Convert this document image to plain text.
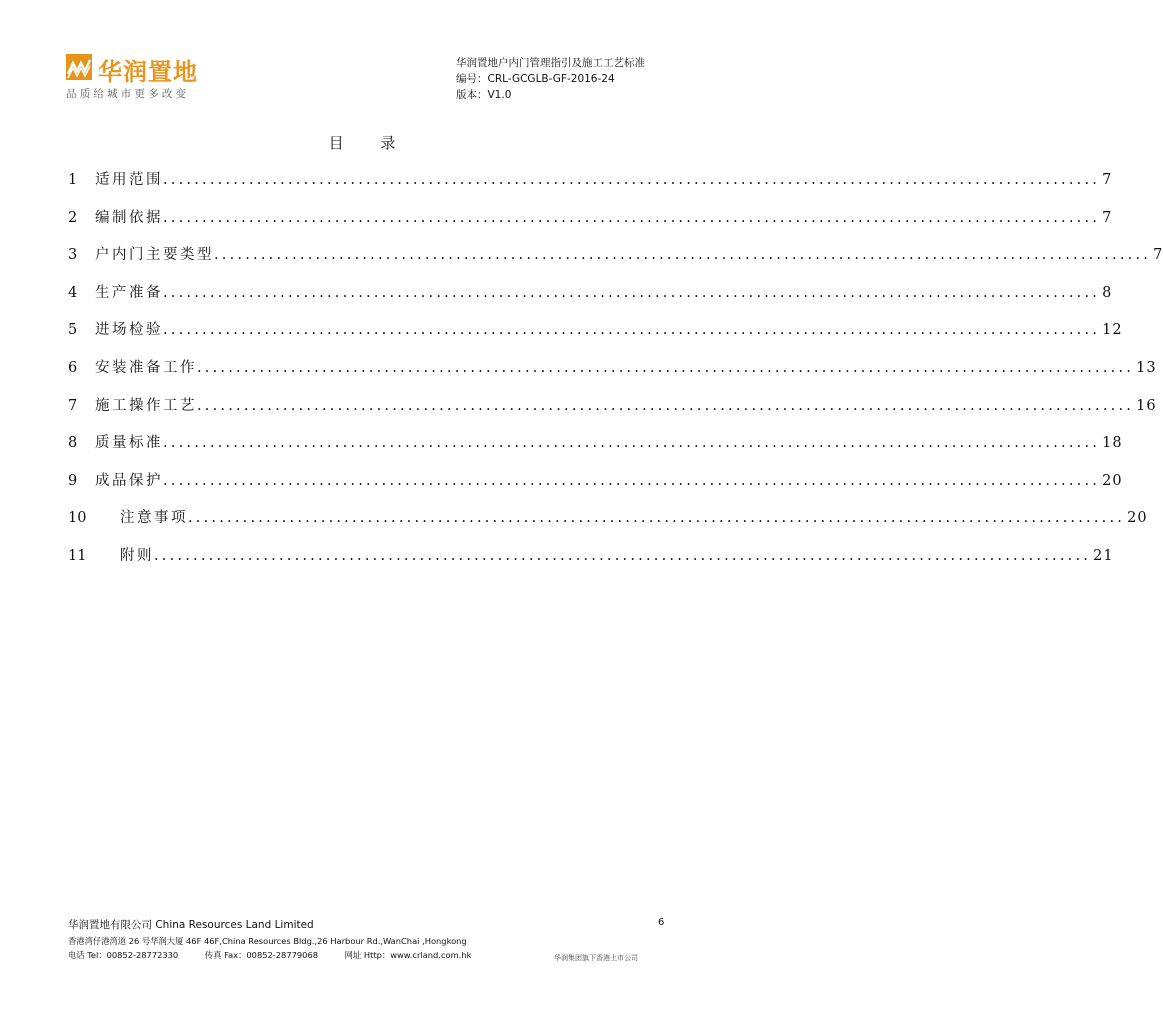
华润置地
品质给城市更多改变
华润置地户内门管理指引及施工工艺标准
编号：CRL-GCGLB-GF-2016-24
版本：V1.0
目 录
1	适用范围 ........................................................................................................................ 7
2	编制依据 ........................................................................................................................ 7
3	户内门主要类型 ........................................................................................................................ 7
4	生产准备 ........................................................................................................................ 8
5	进场检验 ........................................................................................................................ 12
6	安装准备工作 ........................................................................................................................ 13
7	施工操作工艺 ........................................................................................................................ 16
8	质量标准 ........................................................................................................................ 18
9	成品保护 ........................................................................................................................ 20
10	注意事项 ........................................................................................................................ 20
11	附则 ........................................................................................................................ 21
华润置地有限公司 China Resources Land Limited
香港湾仔港湾道 26 号华润大厦 46F 46F,China Resources Bldg.,26 Harbour Rd.,WanChai ,Hongkong
电话 Tel：00852-28772330	传真 Fax：00852-28779068	网址 Http：www.crland.com.hk
6
华润集团旗下香港上市公司
